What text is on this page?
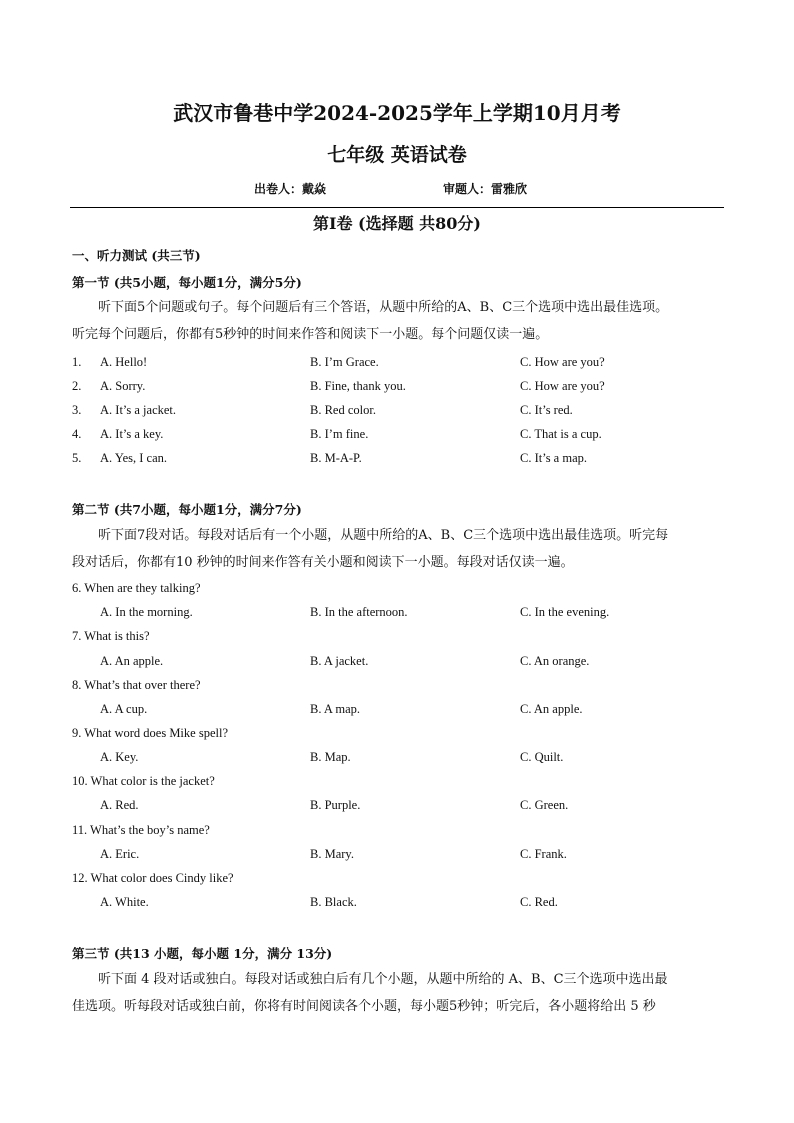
武汉市鲁巷中学2024-2025学年上学期10月月考
七年级 英语试卷
出卷人：戴焱	审题人：雷雅欣
第Ⅰ卷 (选择题 共80分)
一、听力测试 (共三节)
第一节 (共5小题，每小题1分，满分5分)
听下面5个问题或句子。每个问题后有三个答语，从题中所给的A、B、C三个选项中选出最佳选项。
听完每个问题后，你都有5秒钟的时间来作答和阅读下一小题。每个问题仅读一遍。
1. A. Hello!	B. I’m Grace.	C. How are you?
2. A. Sorry.	B. Fine, thank you.	C. How are you?
3. A. It’s a jacket.	B. Red color.	C. It’s red.
4. A. It’s a key.	B. I’m fine.	C. That is a cup.
5. A. Yes, I can.	B. M-A-P.	C. It’s a map.
第二节 (共7小题，每小题1分，满分7分)
听下面7段对话。每段对话后有一个小题，从题中所给的A、B、C三个选项中选出最佳选项。听完每
段对话后，你都有10 秒钟的时间来作答有关小题和阅读下一小题。每段对话仅读一遍。
6. When are they talking?
A. In the morning.	B. In the afternoon.	C. In the evening.
7. What is this?
A. An apple.	B. A jacket.	C. An orange.
8. What’s that over there?
A. A cup.	B. A map.	C. An apple.
9. What word does Mike spell?
A. Key.	B. Map.	C. Quilt.
10. What color is the jacket?
A. Red.	B. Purple.	C. Green.
11. What’s the boy’s name?
A. Eric.	B. Mary.	C. Frank.
12. What color does Cindy like?
A. White.	B. Black.	C. Red.
第三节 (共13 小题，每小题 1分，满分 13分)
听下面 4 段对话或独白。每段对话或独白后有几个小题，从题中所给的 A、B、C三个选项中选出最
佳选项。听每段对话或独白前，你将有时间阅读各个小题，每小题5秒钟；听完后，各小题将给出 5 秒
